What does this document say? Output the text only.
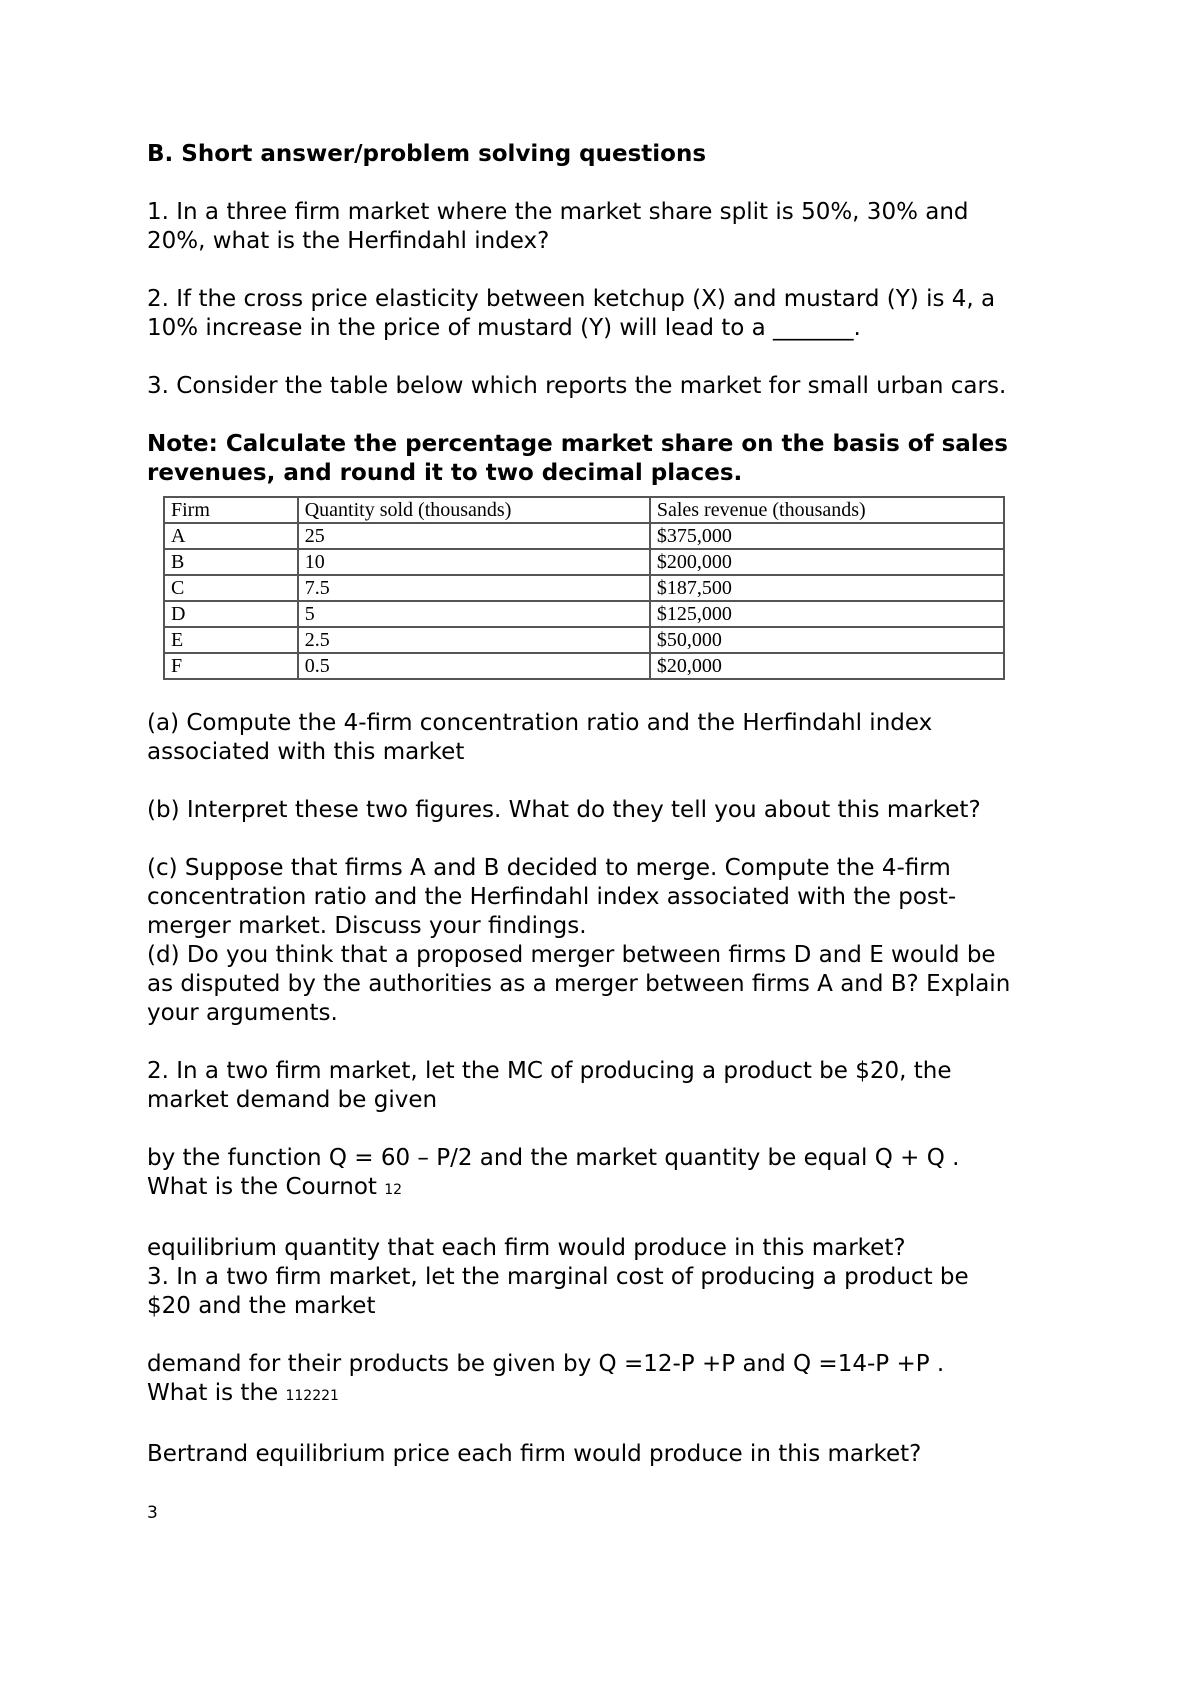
B. Short answer/problem solving questions

1. In a three firm market where the market share split is 50%, 30% and

20%, what is the Herfindahl index?

2. If the cross price elasticity between ketchup (X) and mustard (Y) is 4, a

10% increase in the price of mustard (Y) will lead to a _______.

3. Consider the table below which reports the market for small urban cars.

Note: Calculate the percentage market share on the basis of sales

revenues, and round it to two decimal places.

Firm	Quantity sold (thousands)	Sales revenue (thousands)
A	25	$375,000
B	10	$200,000
C	7.5	$187,500
D	5	$125,000
E	2.5	$50,000
F	0.5	$20,000

(a) Compute the 4-firm concentration ratio and the Herfindahl index

associated with this market

(b) Interpret these two figures. What do they tell you about this market?

(c) Suppose that firms A and B decided to merge. Compute the 4-firm

concentration ratio and the Herfindahl index associated with the post-

merger market. Discuss your findings.

(d) Do you think that a proposed merger between firms D and E would be

as disputed by the authorities as a merger between firms A and B? Explain

your arguments.

2. In a two firm market, let the MC of producing a product be $20, the

market demand be given

by the function Q = 60 – P/2 and the market quantity be equal Q + Q .

What is the Cournot 12

equilibrium quantity that each firm would produce in this market?

3. In a two firm market, let the marginal cost of producing a product be

$20 and the market

demand for their products be given by Q =12-P +P and Q =14-P +P .

What is the 112221

Bertrand equilibrium price each firm would produce in this market?

3
